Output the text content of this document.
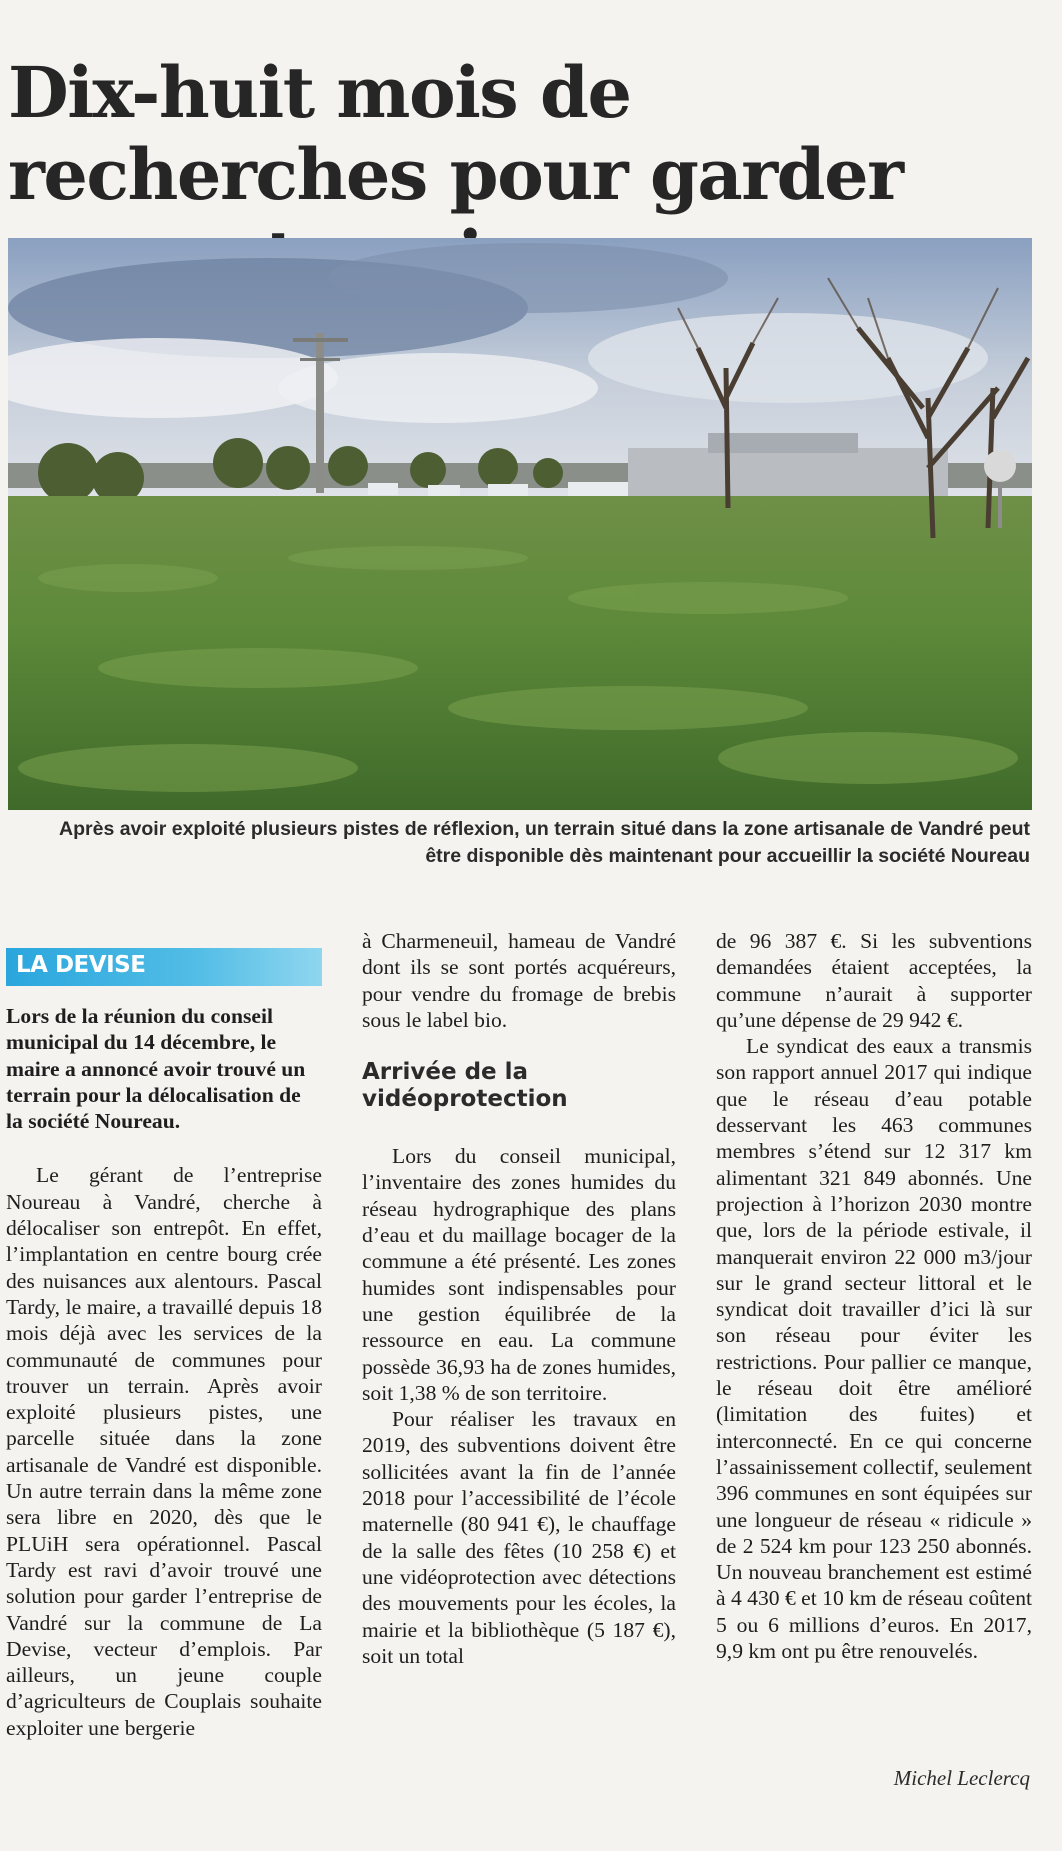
Dix-huit mois de recherches pour garder

Après avoir exploité plusieurs pistes de réflexion, un terrain situé dans la zone artisanale de Vandré peut être disponible dès maintenant pour accueillir la société Noureau

LA DEVISE

Lors de la réunion du conseil municipal du 14 décembre, le maire a annoncé avoir trouvé un terrain pour la délocalisation de la société Noureau.

Le gérant de l’entreprise Noureau à Vandré, cherche à délocaliser son entrepôt. En effet, l’implantation en centre bourg crée des nuisances aux alentours. Pascal Tardy, le maire, a travaillé depuis 18 mois déjà avec les services de la communauté de communes pour trouver un terrain. Après avoir exploité plusieurs pistes, une parcelle située dans la zone artisanale de Vandré est disponible. Un autre terrain dans la même zone sera libre en 2020, dès que le PLUiH sera opérationnel. Pascal Tardy est ravi d’avoir trouvé une solution pour garder l’entreprise de Vandré sur la commune de La Devise, vecteur d’emplois. Par ailleurs, un jeune couple d’agriculteurs de Couplais souhaite exploiter une bergerie

à Charmeneuil, hameau de Vandré dont ils se sont portés acquéreurs, pour vendre du fromage de brebis sous le label bio.

Arrivée de la vidéoprotection

Lors du conseil municipal, l’inventaire des zones humides du réseau hydrographique des plans d’eau et du maillage bocager de la commune a été présenté. Les zones humides sont indispensables pour une gestion équilibrée de la ressource en eau. La commune possède 36,93 ha de zones humides, soit 1,38 % de son territoire.

Pour réaliser les travaux en 2019, des subventions doivent être sollicitées avant la fin de l’année 2018 pour l’accessibilité de l’école maternelle (80 941 €), le chauffage de la salle des fêtes (10 258 €) et une vidéoprotection avec détections des mouvements pour les écoles, la mairie et la bibliothèque (5 187 €), soit un total

de 96 387 €. Si les subventions demandées étaient acceptées, la commune n’aurait à supporter qu’une dépense de 29 942 €.

Le syndicat des eaux a transmis son rapport annuel 2017 qui indique que le réseau d’eau potable desservant les 463 communes membres s’étend sur 12 317 km alimentant 321 849 abonnés. Une projection à l’horizon 2030 montre que, lors de la période estivale, il manquerait environ 22 000 m3/jour sur le grand secteur littoral et le syndicat doit travailler d’ici là sur son réseau pour éviter les restrictions. Pour pallier ce manque, le réseau doit être amélioré (limitation des fuites) et interconnecté. En ce qui concerne l’assainissement collectif, seulement 396 communes en sont équipées sur une longueur de réseau « ridicule » de 2 524 km pour 123 250 abonnés. Un nouveau branchement est estimé à 4 430 € et 10 km de réseau coûtent 5 ou 6 millions d’euros. En 2017, 9,9 km ont pu être renouvelés.

Michel Leclercq
